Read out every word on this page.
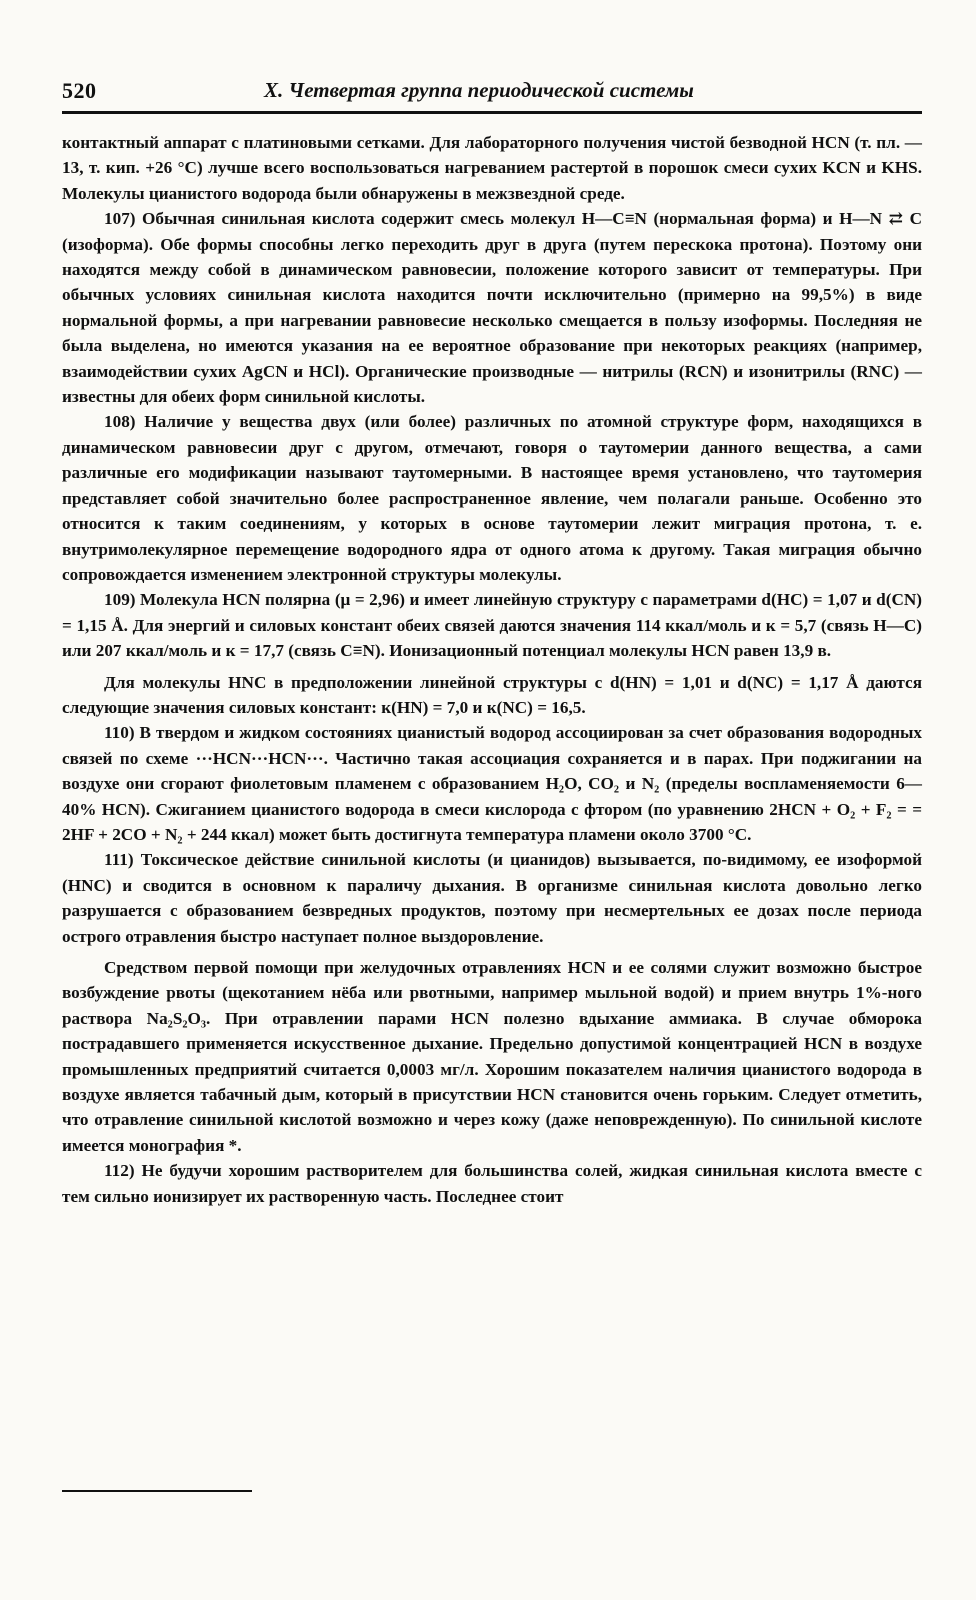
520	X. Четвертая группа периодической системы

контактный аппарат с платиновыми сетками. Для лабораторного получения чистой безводной HCN (т. пл. —13, т. кип. +26 °С) лучше всего воспользоваться нагреванием растертой в порошок смеси сухих KCN и KHS. Молекулы цианистого водорода были обнаружены в межзвездной среде.

107) Обычная синильная кислота содержит смесь молекул H—C≡N (нормальная форма) и H—N ⇄ C (изоформа). Обе формы способны легко переходить друг в друга (путем перескока протона). Поэтому они находятся между собой в динамическом равновесии, положение которого зависит от температуры. При обычных условиях синильная кислота находится почти исключительно (примерно на 99,5%) в виде нормальной формы, а при нагревании равновесие несколько смещается в пользу изоформы. Последняя не была выделена, но имеются указания на ее вероятное образование при некоторых реакциях (например, взаимодействии сухих AgCN и HCl). Органические производные — нитрилы (RCN) и изонитрилы (RNC) — известны для обеих форм синильной кислоты.

108) Наличие у вещества двух (или более) различных по атомной структуре форм, находящихся в динамическом равновесии друг с другом, отмечают, говоря о таутомерии данного вещества, а сами различные его модификации называют таутомерными. В настоящее время установлено, что таутомерия представляет собой значительно более распространенное явление, чем полагали раньше. Особенно это относится к таким соединениям, у которых в основе таутомерии лежит миграция протона, т. е. внутримолекулярное перемещение водородного ядра от одного атома к другому. Такая миграция обычно сопровождается изменением электронной структуры молекулы.

109) Молекула HCN полярна (μ = 2,96) и имеет линейную структуру с параметрами d(HC) = 1,07 и d(CN) = 1,15 Å. Для энергий и силовых констант обеих связей даются значения 114 ккал/моль и к = 5,7 (связь H—C) или 207 ккал/моль и к = 17,7 (связь C≡N). Ионизационный потенциал молекулы HCN равен 13,9 в.

Для молекулы HNC в предположении линейной структуры с d(HN) = 1,01 и d(NC) = 1,17 Å даются следующие значения силовых констант: к(HN) = 7,0 и к(NC) = 16,5.

110) В твердом и жидком состояниях цианистый водород ассоциирован за счет образования водородных связей по схеме ···HCN···HCN···. Частично такая ассоциация сохраняется и в парах. При поджигании на воздухе они сгорают фиолетовым пламенем с образованием H₂O, CO₂ и N₂ (пределы воспламеняемости 6—40% HCN). Сжиганием цианистого водорода в смеси кислорода с фтором (по уравнению 2HCN + O₂ + F₂ = = 2HF + 2CO + N₂ + 244 ккал) может быть достигнута температура пламени около 3700 °С.

111) Токсическое действие синильной кислоты (и цианидов) вызывается, по-видимому, ее изоформой (HNC) и сводится в основном к параличу дыхания. В организме синильная кислота довольно легко разрушается с образованием безвредных продуктов, поэтому при несмертельных ее дозах после периода острого отравления быстро наступает полное выздоровление.

Средством первой помощи при желудочных отравлениях HCN и ее солями служит возможно быстрое возбуждение рвоты (щекотанием нёба или рвотными, например мыльной водой) и прием внутрь 1%-ного раствора Na₂S₂O₃. При отравлении парами HCN полезно вдыхание аммиака. В случае обморока пострадавшего применяется искусственное дыхание. Предельно допустимой концентрацией HCN в воздухе промышленных предприятий считается 0,0003 мг/л. Хорошим показателем наличия цианистого водорода в воздухе является табачный дым, который в присутствии HCN становится очень горьким. Следует отметить, что отравление синильной кислотой возможно и через кожу (даже неповрежденную). По синильной кислоте имеется монография *.

112) Не будучи хорошим растворителем для большинства солей, жидкая синильная кислота вместе с тем сильно ионизирует их растворенную часть. Последнее стоит
